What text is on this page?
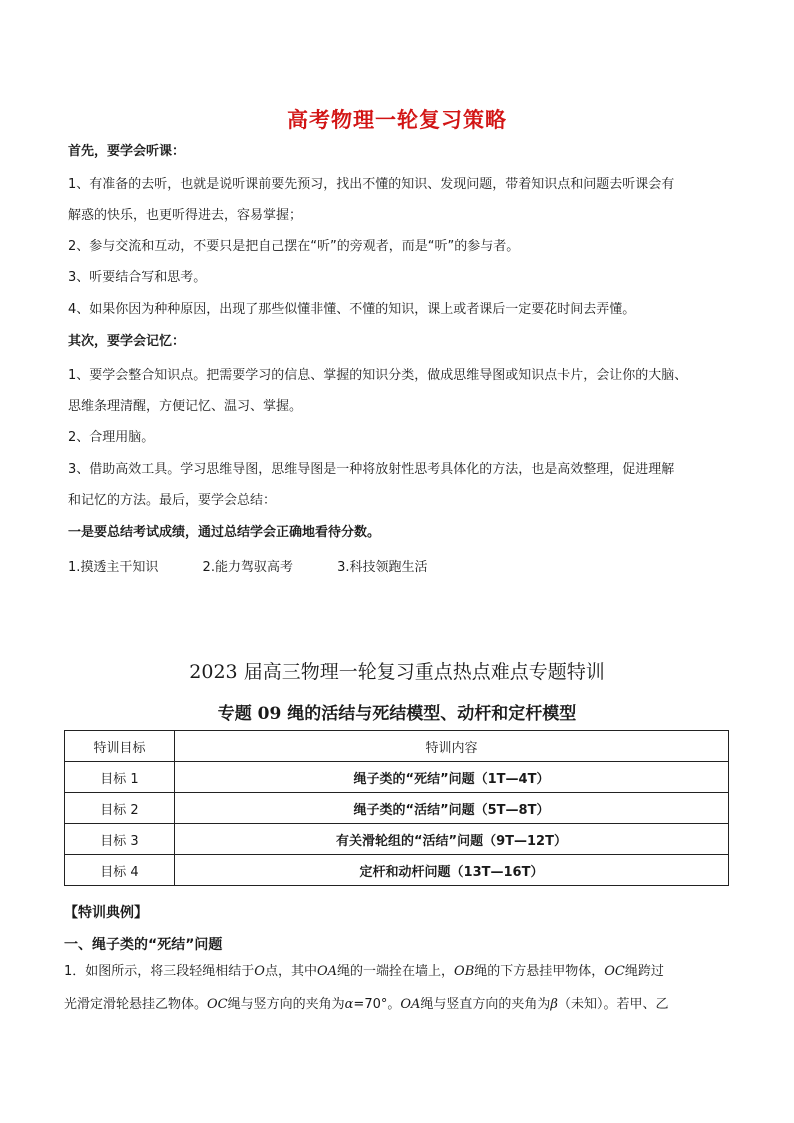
高考物理一轮复习策略
首先，要学会听课：
1、有准备的去听，也就是说听课前要先预习，找出不懂的知识、发现问题，带着知识点和问题去听课会有
解惑的快乐，也更听得进去，容易掌握；
2、参与交流和互动，不要只是把自己摆在“听”的旁观者，而是“听”的参与者。
3、听要结合写和思考。
4、如果你因为种种原因，出现了那些似懂非懂、不懂的知识，课上或者课后一定要花时间去弄懂。
其次，要学会记忆：
1、要学会整合知识点。把需要学习的信息、掌握的知识分类，做成思维导图或知识点卡片，会让你的大脑、
思维条理清醒，方便记忆、温习、掌握。
2、合理用脑。
3、借助高效工具。学习思维导图，思维导图是一种将放射性思考具体化的方法，也是高效整理，促进理解
和记忆的方法。最后，要学会总结：
一是要总结考试成绩，通过总结学会正确地看待分数。
1.摸透主干知识	2.能力驾驭高考	3.科技领跑生活
2023 届高三物理一轮复习重点热点难点专题特训
专题 09 绳的活结与死结模型、动杆和定杆模型
特训目标	特训内容
目标 1	绳子类的“死结”问题（1T—4T）
目标 2	绳子类的“活结”问题（5T—8T）
目标 3	有关滑轮组的“活结”问题（9T—12T）
目标 4	定杆和动杆问题（13T—16T）
【特训典例】
一、绳子类的“死结”问题
1．如图所示，将三段轻绳相结于O点，其中OA绳的一端拴在墙上，OB绳的下方悬挂甲物体，OC绳跨过
光滑定滑轮悬挂乙物体。OC绳与竖方向的夹角为α=70°。OA绳与竖直方向的夹角为β（未知）。若甲、乙
